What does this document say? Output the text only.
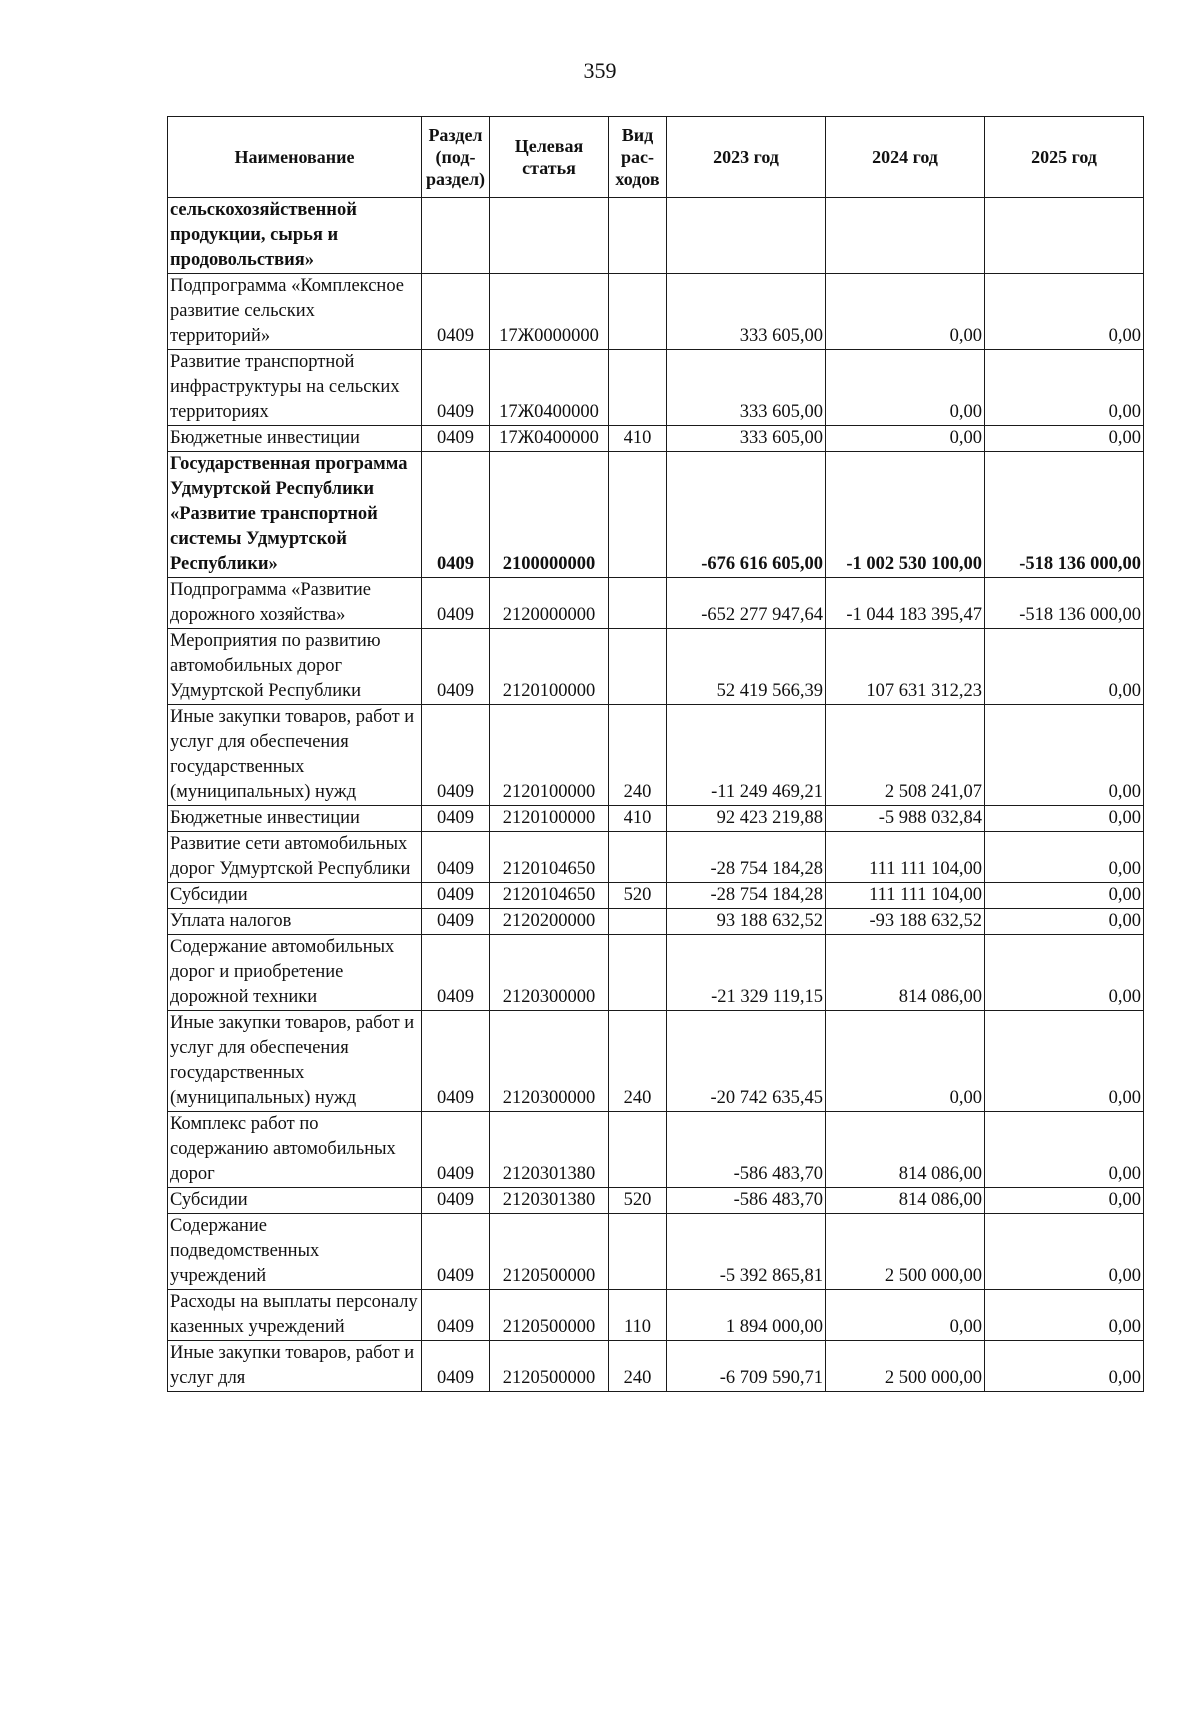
359
Наименование	Раздел (под-раздел)	Целевая статья	Вид рас-ходов	2023 год	2024 год	2025 год
сельскохозяйственной продукции, сырья и продовольствия»						
Подпрограмма «Комплексное развитие сельских территорий»	0409	17Ж0000000		333 605,00	0,00	0,00
Развитие транспортной инфраструктуры на сельских территориях	0409	17Ж0400000		333 605,00	0,00	0,00
Бюджетные инвестиции	0409	17Ж0400000	410	333 605,00	0,00	0,00
Государственная программа Удмуртской Республики «Развитие транспортной системы Удмуртской Республики»	0409	2100000000		-676 616 605,00	-1 002 530 100,00	-518 136 000,00
Подпрограмма «Развитие дорожного хозяйства»	0409	2120000000		-652 277 947,64	-1 044 183 395,47	-518 136 000,00
Мероприятия по развитию автомобильных дорог Удмуртской Республики	0409	2120100000		52 419 566,39	107 631 312,23	0,00
Иные закупки товаров, работ и услуг для обеспечения государственных (муниципальных) нужд	0409	2120100000	240	-11 249 469,21	2 508 241,07	0,00
Бюджетные инвестиции	0409	2120100000	410	92 423 219,88	-5 988 032,84	0,00
Развитие сети автомобильных дорог Удмуртской Республики	0409	2120104650		-28 754 184,28	111 111 104,00	0,00
Субсидии	0409	2120104650	520	-28 754 184,28	111 111 104,00	0,00
Уплата налогов	0409	2120200000		93 188 632,52	-93 188 632,52	0,00
Содержание автомобильных дорог и приобретение дорожной техники	0409	2120300000		-21 329 119,15	814 086,00	0,00
Иные закупки товаров, работ и услуг для обеспечения государственных (муниципальных) нужд	0409	2120300000	240	-20 742 635,45	0,00	0,00
Комплекс работ по содержанию автомобильных дорог	0409	2120301380		-586 483,70	814 086,00	0,00
Субсидии	0409	2120301380	520	-586 483,70	814 086,00	0,00
Содержание подведомственных учреждений	0409	2120500000		-5 392 865,81	2 500 000,00	0,00
Расходы на выплаты персоналу казенных учреждений	0409	2120500000	110	1 894 000,00	0,00	0,00
Иные закупки товаров, работ и услуг для	0409	2120500000	240	-6 709 590,71	2 500 000,00	0,00
